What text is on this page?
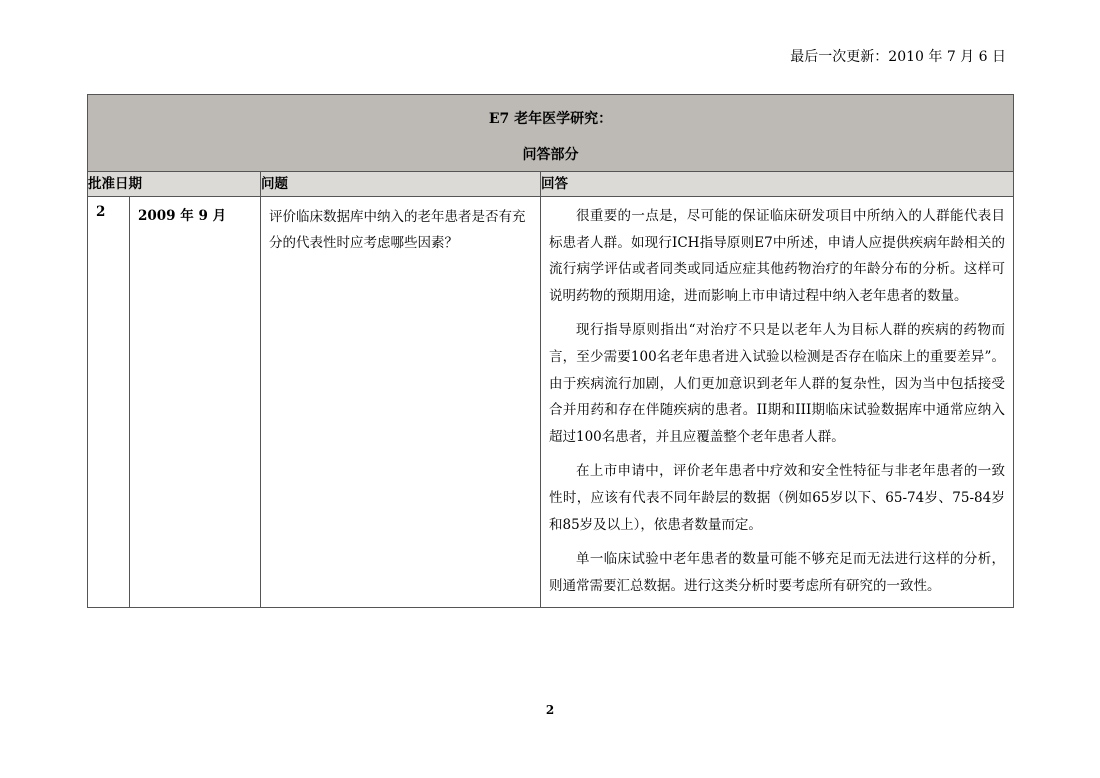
最后一次更新：2010 年 7 月 6 日
E7 老年医学研究：
问答部分			

批准日期		问题	回答
2	2009 年 9 月	评价临床数据库中纳入的老年患者是否有充分的代表性时应考虑哪些因素？	很重要的一点是，尽可能的保证临床研发项目中所纳入的人群能代表目标患者人群。如现行ICH指导原则E7中所述，申请人应提供疾病年龄相关的流行病学评估或者同类或同适应症其他药物治疗的年龄分布的分析。这样可说明药物的预期用途，进而影响上市申请过程中纳入老年患者的数量。

现行指导原则指出“对治疗不只是以老年人为目标人群的疾病的药物而言，至少需要100名老年患者进入试验以检测是否存在临床上的重要差异”。由于疾病流行加剧，人们更加意识到老年人群的复杂性，因为当中包括接受合并用药和存在伴随疾病的患者。II期和III期临床试验数据库中通常应纳入超过100名患者，并且应覆盖整个老年患者人群。

在上市申请中，评价老年患者中疗效和安全性特征与非老年患者的一致性时，应该有代表不同年龄层的数据（例如65岁以下、65-74岁、75-84岁和85岁及以上），依患者数量而定。

单一临床试验中老年患者的数量可能不够充足而无法进行这样的分析，则通常需要汇总数据。进行这类分析时要考虑所有研究的一致性。

2
